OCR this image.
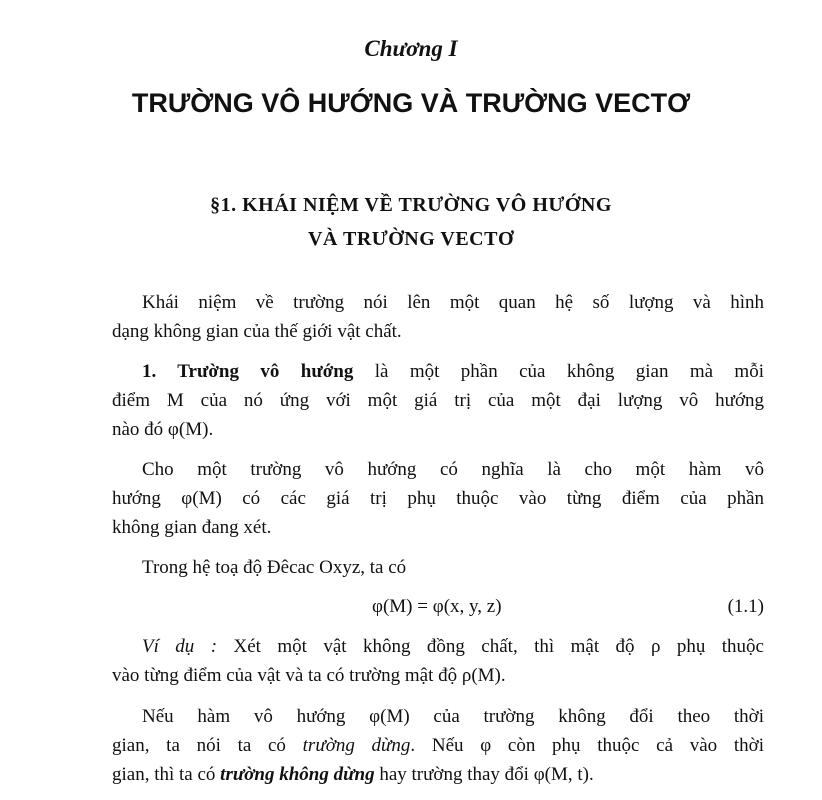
Chương I
TRƯỜNG VÔ HƯỚNG VÀ TRƯỜNG VECTƠ
§1. KHÁI NIỆM VỀ TRƯỜNG VÔ HƯỚNG
VÀ TRƯỜNG VECTƠ
Khái niệm về trường nói lên một quan hệ số lượng và hình
dạng không gian của thế giới vật chất.
1. Trường vô hướng là một phần của không gian mà mỗi
điểm M của nó ứng với một giá trị của một đại lượng vô hướng
nào đó φ(M).
Cho một trường vô hướng có nghĩa là cho một hàm vô
hướng φ(M) có các giá trị phụ thuộc vào từng điểm của phần
không gian đang xét.
Trong hệ toạ độ Đêcac Oxyz, ta có
φ(M) = φ(x, y, z)	(1.1)
Ví dụ : Xét một vật không đồng chất, thì mật độ ρ phụ thuộc
vào từng điểm của vật và ta có trường mật độ ρ(M).
Nếu hàm vô hướng φ(M) của trường không đổi theo thời
gian, ta nói ta có trường dừng. Nếu φ còn phụ thuộc cả vào thời
gian, thì ta có trường không dừng hay trường thay đổi φ(M, t).
